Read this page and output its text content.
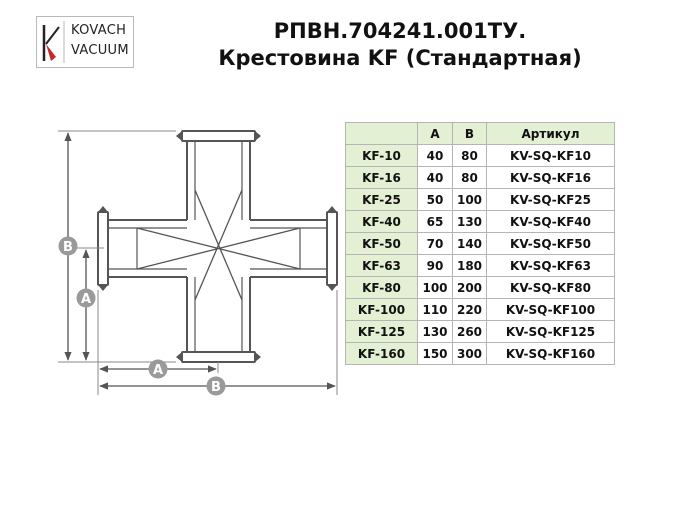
KOVACH
VACUUM
РПВН.704241.001ТУ.
Крестовина KF (Стандартная)
B
A
A
B
	A	B	Артикул
KF-10	40	80	KV-SQ-KF10
KF-16	40	80	KV-SQ-KF16
KF-25	50	100	KV-SQ-KF25
KF-40	65	130	KV-SQ-KF40
KF-50	70	140	KV-SQ-KF50
KF-63	90	180	KV-SQ-KF63
KF-80	100	200	KV-SQ-KF80
KF-100	110	220	KV-SQ-KF100
KF-125	130	260	KV-SQ-KF125
KF-160	150	300	KV-SQ-KF160
